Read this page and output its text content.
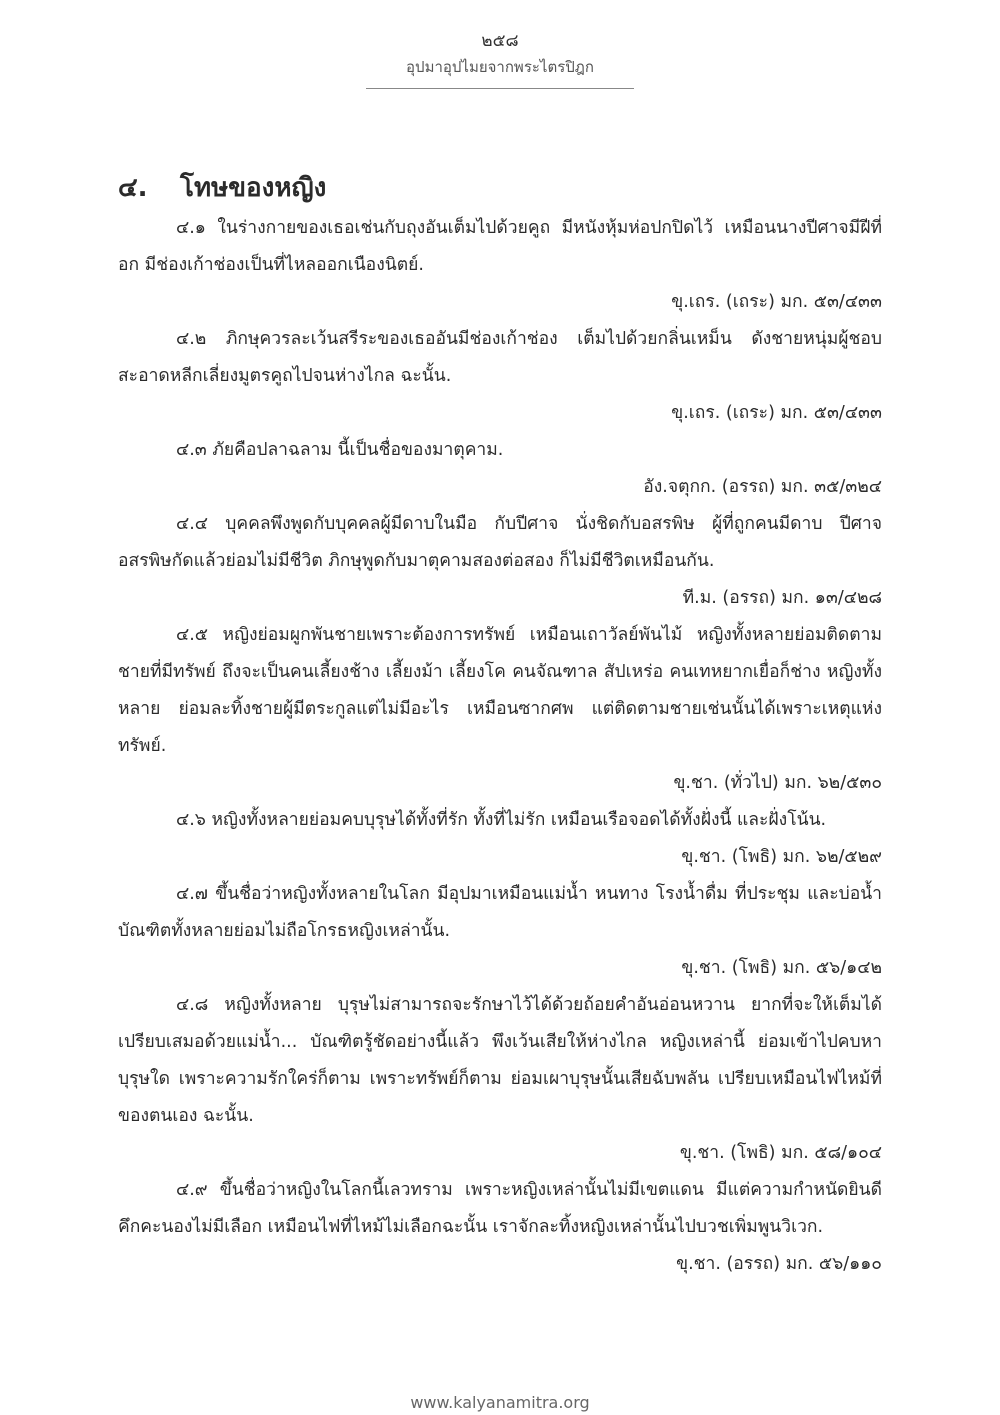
๒๕๘
อุปมาอุปไมยจากพระไตรปิฎก
๔. โทษของหญิง

๔.๑ ในร่างกายของเธอเช่นกับถุงอันเต็มไปด้วยคูถ มีหนังหุ้มห่อปกปิดไว้ เหมือนนางปีศาจมีฝีที่อก มีช่องเก้าช่องเป็นที่ไหลออกเนืองนิตย์.

ขุ.เถร. (เถระ) มก. ๕๓/๔๓๓

๔.๒ ภิกษุควรละเว้นสรีระของเธออันมีช่องเก้าช่อง เต็มไปด้วยกลิ่นเหม็น ดังชายหนุ่มผู้ชอบสะอาดหลีกเลี่ยงมูตรคูถไปจนห่างไกล ฉะนั้น.

ขุ.เถร. (เถระ) มก. ๕๓/๔๓๓

๔.๓ ภัยคือปลาฉลาม นี้เป็นชื่อของมาตุคาม.

อัง.จตุกก. (อรรถ) มก. ๓๕/๓๒๔

๔.๔ บุคคลพึงพูดกับบุคคลผู้มีดาบในมือ กับปีศาจ นั่งชิดกับอสรพิษ ผู้ที่ถูกคนมีดาบ ปีศาจ อสรพิษกัดแล้วย่อมไม่มีชีวิต ภิกษุพูดกับมาตุคามสองต่อสอง ก็ไม่มีชีวิตเหมือนกัน.

ที.ม. (อรรถ) มก. ๑๓/๔๒๘

๔.๕ หญิงย่อมผูกพันชายเพราะต้องการทรัพย์ เหมือนเถาวัลย์พันไม้ หญิงทั้งหลายย่อมติดตามชายที่มีทรัพย์ ถึงจะเป็นคนเลี้ยงช้าง เลี้ยงม้า เลี้ยงโค คนจัณฑาล สัปเหร่อ คนเทหยากเยื่อก็ช่าง หญิงทั้งหลาย ย่อมละทิ้งชายผู้มีตระกูลแต่ไม่มีอะไร เหมือนซากศพ แต่ติดตามชายเช่นนั้นได้เพราะเหตุแห่งทรัพย์.

ขุ.ชา. (ทั่วไป) มก. ๖๒/๕๓๐

๔.๖ หญิงทั้งหลายย่อมคบบุรุษได้ทั้งที่รัก ทั้งที่ไม่รัก เหมือนเรือจอดได้ทั้งฝั่งนี้ และฝั่งโน้น.

ขุ.ชา. (โพธิ) มก. ๖๒/๕๒๙

๔.๗ ขึ้นชื่อว่าหญิงทั้งหลายในโลก มีอุปมาเหมือนแม่น้ำ หนทาง โรงน้ำดื่ม ที่ประชุม และบ่อน้ำ บัณฑิตทั้งหลายย่อมไม่ถือโกรธหญิงเหล่านั้น.

ขุ.ชา. (โพธิ) มก. ๕๖/๑๔๒

๔.๘ หญิงทั้งหลาย บุรุษไม่สามารถจะรักษาไว้ได้ด้วยถ้อยคำอันอ่อนหวาน ยากที่จะให้เต็มได้ เปรียบเสมอด้วยแม่น้ำ... บัณฑิตรู้ชัดอย่างนี้แล้ว พึงเว้นเสียให้ห่างไกล หญิงเหล่านี้ ย่อมเข้าไปคบหาบุรุษใด เพราะความรักใคร่ก็ตาม เพราะทรัพย์ก็ตาม ย่อมเผาบุรุษนั้นเสียฉับพลัน เปรียบเหมือนไฟไหม้ที่ของตนเอง ฉะนั้น.

ขุ.ชา. (โพธิ) มก. ๕๘/๑๐๔

๔.๙ ขึ้นชื่อว่าหญิงในโลกนี้เลวทราม เพราะหญิงเหล่านั้นไม่มีเขตแดน มีแต่ความกำหนัดยินดีคึกคะนองไม่มีเลือก เหมือนไฟที่ไหม้ไม่เลือกฉะนั้น เราจักละทิ้งหญิงเหล่านั้นไปบวชเพิ่มพูนวิเวก.

ขุ.ชา. (อรรถ) มก. ๕๖/๑๑๐

www.kalyanamitra.org
